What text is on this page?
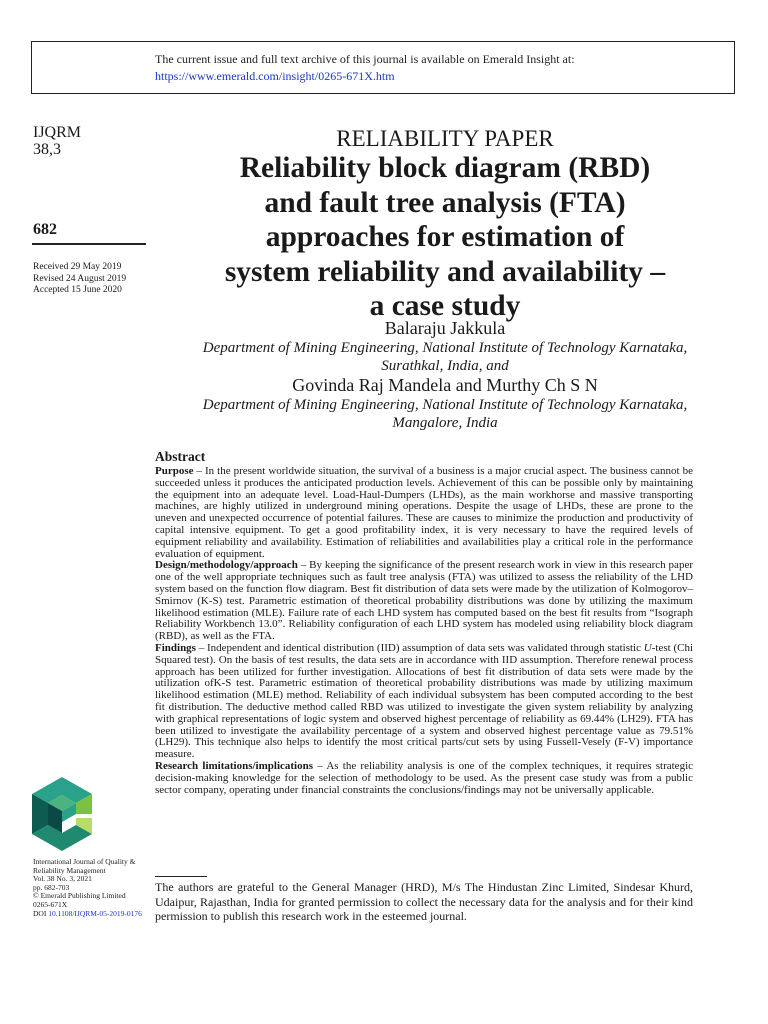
The current issue and full text archive of this journal is available on Emerald Insight at:
https://www.emerald.com/insight/0265-671X.htm
IJQRM
38,3
682
Received 29 May 2019
Revised 24 August 2019
Accepted 15 June 2020
RELIABILITY PAPER
Reliability block diagram (RBD)
and fault tree analysis (FTA)
approaches for estimation of
system reliability and availability –
a case study
Balaraju Jakkula
Department of Mining Engineering, National Institute of Technology Karnataka,
Surathkal, India, and
Govinda Raj Mandela and Murthy Ch S N
Department of Mining Engineering, National Institute of Technology Karnataka,
Mangalore, India
Abstract

Purpose – In the present worldwide situation, the survival of a business is a major crucial aspect. The business cannot be succeeded unless it produces the anticipated production levels. Achievement of this can be possible only by maintaining the equipment into an adequate level. Load-Haul-Dumpers (LHDs), as the main workhorse and massive transporting machines, are highly utilized in underground mining operations. Despite the usage of LHDs, these are prone to the uneven and unexpected occurrence of potential failures. These are causes to minimize the production and productivity of capital intensive equipment. To get a good profitability index, it is very necessary to have the required levels of equipment reliability and availability. Estimation of reliabilities and availabilities play a critical role in the performance evaluation of equipment.

Design/methodology/approach – By keeping the significance of the present research work in view in this research paper one of the well appropriate techniques such as fault tree analysis (FTA) was utilized to assess the reliability of the LHD system based on the function flow diagram. Best fit distribution of data sets were made by the utilization of Kolmogorov–Smirnov (K-S) test. Parametric estimation of theoretical probability distributions was done by utilizing the maximum likelihood estimation (MLE). Failure rate of each LHD system has computed based on the best fit results from “Isograph Reliability Workbench 13.0”. Reliability configuration of each LHD system has modeled using reliability block diagram (RBD), as well as the FTA.

Findings – Independent and identical distribution (IID) assumption of data sets was validated through statistic U-test (Chi Squared test). On the basis of test results, the data sets are in accordance with IID assumption. Therefore renewal process approach has been utilized for further investigation. Allocations of best fit distribution of data sets were made by the utilization ofK-S test. Parametric estimation of theoretical probability distributions was made by utilizing maximum likelihood estimation (MLE) method. Reliability of each individual subsystem has been computed according to the best fit distribution. The deductive method called RBD was utilized to investigate the given system reliability by analyzing with graphical representations of logic system and observed highest percentage of reliability as 69.44% (LH29). FTA has been utilized to investigate the availability percentage of a system and observed highest percentage value as 79.51% (LH29). This technique also helps to identify the most critical parts/cut sets by using Fussell-Vesely (F-V) importance measure.

Research limitations/implications – As the reliability analysis is one of the complex techniques, it requires strategic decision-making knowledge for the selection of methodology to be used. As the present case study was from a public sector company, operating under financial constraints the conclusions/findings may not be universally applicable.

International Journal of Quality &
Reliability Management
Vol. 38 No. 3, 2021
pp. 682-703
© Emerald Publishing Limited
0265-671X
DOI 10.1108/IJQRM-05-2019-0176
The authors are grateful to the General Manager (HRD), M/s The Hindustan Zinc Limited, Sindesar Khurd, Udaipur, Rajasthan, India for granted permission to collect the necessary data for the analysis and for their kind permission to publish this research work in the esteemed journal.
